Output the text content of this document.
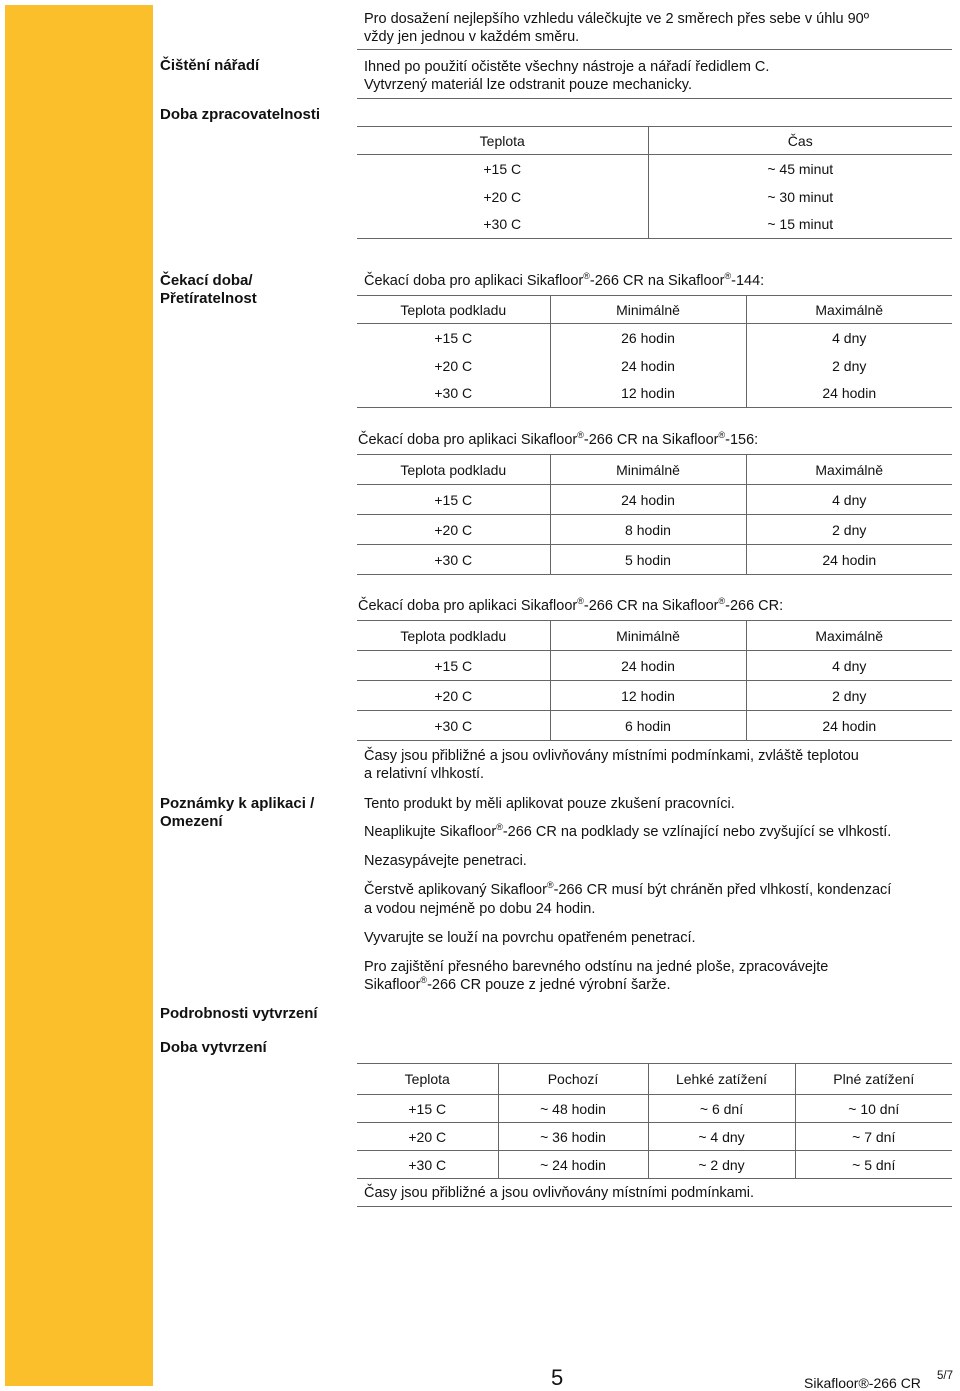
Čištění nářadí
Doba zpracovatelnosti
Čekací doba/
Přetíratelnost
Poznámky k aplikaci /
Omezení
Podrobnosti vytvrzení
Doba vytvrzení
Pro dosažení nejlepšího vzhledu válečkujte ve 2 směrech přes sebe v úhlu 90º
vždy jen jednou v každém směru.
Ihned po použití očistěte všechny nástroje a nářadí ředidlem C.
Vytvrzený materiál lze odstranit pouze mechanicky.
Teplota	Čas
+15 C	~ 45 minut
+20 C	~ 30 minut
+30 C	~ 15 minut
Čekací doba pro aplikaci Sikafloor®-266 CR na Sikafloor®-144:
Teplota podkladu	Minimálně	Maximálně
+15 C	26 hodin	4 dny
+20 C	24 hodin	2 dny
+30 C	12 hodin	24 hodin
Čekací doba pro aplikaci Sikafloor®-266 CR na Sikafloor®-156:
Teplota podkladu	Minimálně	Maximálně
+15 C	24 hodin	4 dny
+20 C	8 hodin	2 dny
+30 C	5 hodin	24 hodin
Čekací doba pro aplikaci Sikafloor®-266 CR na Sikafloor®-266 CR:
Teplota podkladu	Minimálně	Maximálně
+15 C	24 hodin	4 dny
+20 C	12 hodin	2 dny
+30 C	6 hodin	24 hodin
Časy jsou přibližné a jsou ovlivňovány místními podmínkami, zvláště teplotou
a relativní vlhkostí.
Tento produkt by měli aplikovat pouze zkušení pracovníci.
Neaplikujte Sikafloor®-266 CR na podklady se vzlínající nebo zvyšující se vlhkostí.
Nezasypávejte penetraci.
Čerstvě aplikovaný Sikafloor®-266 CR musí být chráněn před vlhkostí, kondenzací
a vodou nejméně po dobu 24 hodin.
Vyvarujte se louží na povrchu opatřeném penetrací.
Pro zajištění přesného barevného odstínu na jedné ploše, zpracovávejte
Sikafloor®-266 CR pouze z jedné výrobní šarže.
Teplota	Pochozí	Lehké zatížení	Plné zatížení
+15 C	~ 48 hodin	~ 6 dní	~ 10 dní
+20 C	~ 36 hodin	~ 4 dny	~ 7 dní
+30 C	~ 24 hodin	~ 2 dny	~ 5 dní
Časy jsou přibližné a jsou ovlivňovány místními podmínkami.
5	Sikafloor®-266 CR 5/7
